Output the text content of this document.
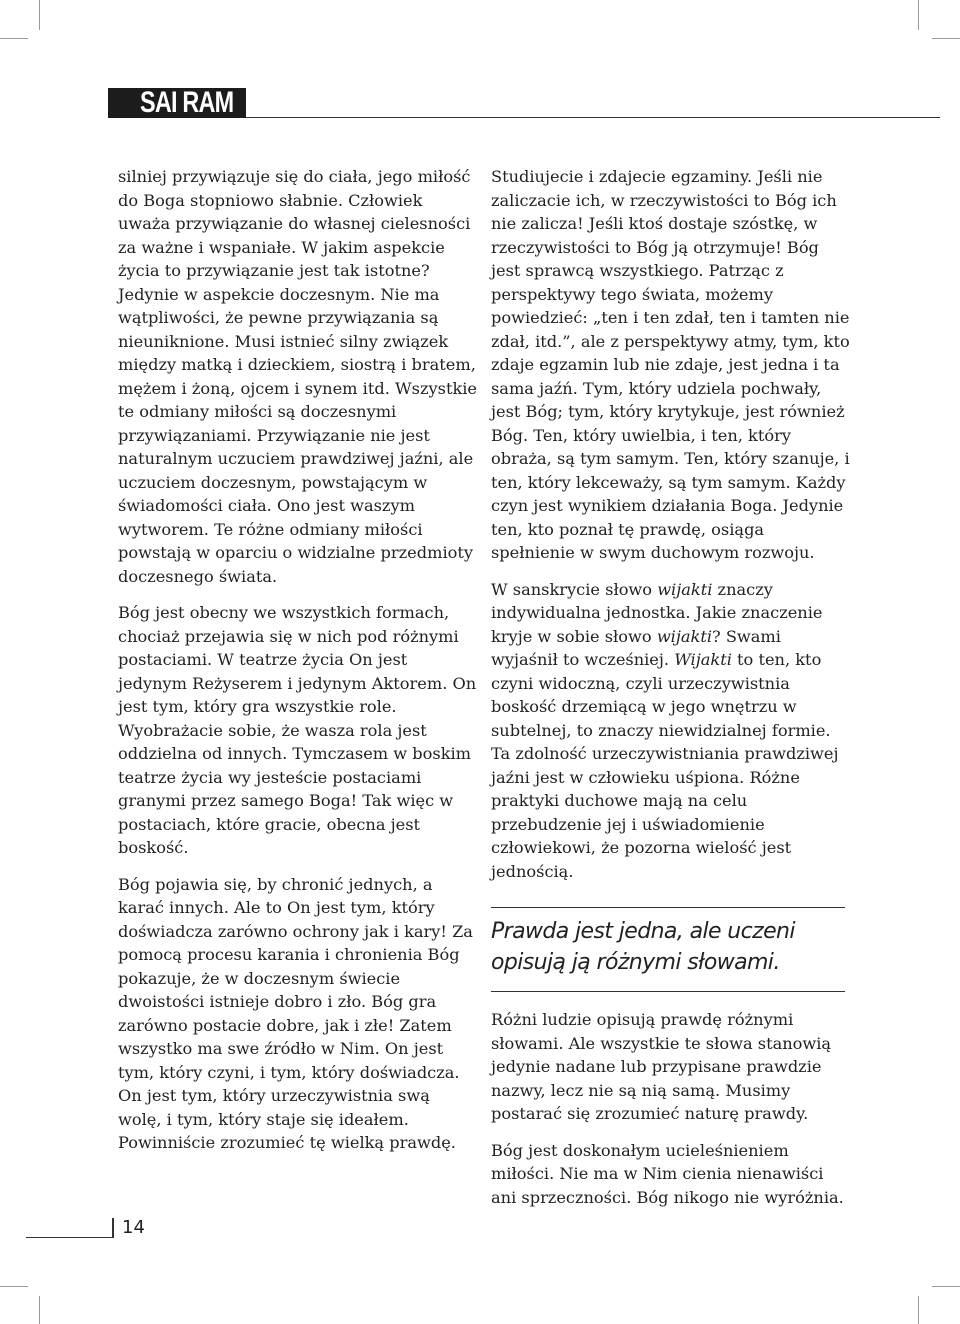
SAI RAM

silniej przywiązuje się do ciała, jego miłość do Boga stopniowo słabnie. Człowiek uważa przywiązanie do własnej cielesności za ważne i wspaniałe. W jakim aspekcie życia to przywiązanie jest tak istotne? Jedynie w aspekcie doczesnym. Nie ma wątpliwości, że pewne przywiązania są nieuniknione. Musi istnieć silny związek między matką i dzieckiem, siostrą i bratem, mężem i żoną, ojcem i synem itd. Wszystkie te odmiany miłości są doczesnymi przywiązaniami. Przywiązanie nie jest naturalnym uczuciem prawdziwej jaźni, ale uczuciem doczesnym, powstającym w świadomości ciała. Ono jest waszym wytworem. Te różne odmiany miłości powstają w oparciu o widzialne przedmioty doczesnego świata.

Bóg jest obecny we wszystkich formach, chociaż przejawia się w nich pod różnymi postaciami. W teatrze życia On jest jedynym Reżyserem i jedynym Aktorem. On jest tym, który gra wszystkie role. Wyobrażacie sobie, że wasza rola jest oddzielna od innych. Tymczasem w boskim teatrze życia wy jesteście postaciami granymi przez samego Boga! Tak więc w postaciach, które gracie, obecna jest boskość.

Bóg pojawia się, by chronić jednych, a karać innych. Ale to On jest tym, który doświadcza zarówno ochrony jak i kary! Za pomocą procesu karania i chronienia Bóg pokazuje, że w doczesnym świecie dwoistości istnieje dobro i zło. Bóg gra zarówno postacie dobre, jak i złe! Zatem wszystko ma swe źródło w Nim. On jest tym, który czyni, i tym, który doświadcza. On jest tym, który urzeczywistnia swą wolę, i tym, który staje się ideałem. Powinniście zrozumieć tę wielką prawdę.

Studiujecie i zdajecie egzaminy. Jeśli nie zaliczacie ich, w rzeczywistości to Bóg ich nie zalicza! Jeśli ktoś dostaje szóstkę, w rzeczywistości to Bóg ją otrzymuje! Bóg jest sprawcą wszystkiego. Patrząc z perspektywy tego świata, możemy powiedzieć: „ten i ten zdał, ten i tamten nie zdał, itd.”, ale z perspektywy atmy, tym, kto zdaje egzamin lub nie zdaje, jest jedna i ta sama jaźń. Tym, który udziela pochwały, jest Bóg; tym, który krytykuje, jest również Bóg. Ten, który uwielbia, i ten, który obraża, są tym samym. Ten, który szanuje, i ten, który lekceważy, są tym samym. Każdy czyn jest wynikiem działania Boga. Jedynie ten, kto poznał tę prawdę, osiąga spełnienie w swym duchowym rozwoju.

W sanskrycie słowo wijakti znaczy indywidualna jednostka. Jakie znaczenie kryje w sobie słowo wijakti? Swami wyjaśnił to wcześniej. Wijakti to ten, kto czyni widoczną, czyli urzeczywistnia boskość drzemiącą w jego wnętrzu w subtelnej, to znaczy niewidzialnej formie. Ta zdolność urzeczywistniania prawdziwej jaźni jest w człowieku uśpiona. Różne praktyki duchowe mają na celu przebudzenie jej i uświadomienie człowiekowi, że pozorna wielość jest jednością.

Prawda jest jedna, ale uczeni opisują ją różnymi słowami.

Różni ludzie opisują prawdę różnymi słowami. Ale wszystkie te słowa stanowią jedynie nadane lub przypisane prawdzie nazwy, lecz nie są nią samą. Musimy postarać się zrozumieć naturę prawdy.

Bóg jest doskonałym ucieleśnieniem miłości. Nie ma w Nim cienia nienawiści ani sprzeczności. Bóg nikogo nie wyróżnia.

14
